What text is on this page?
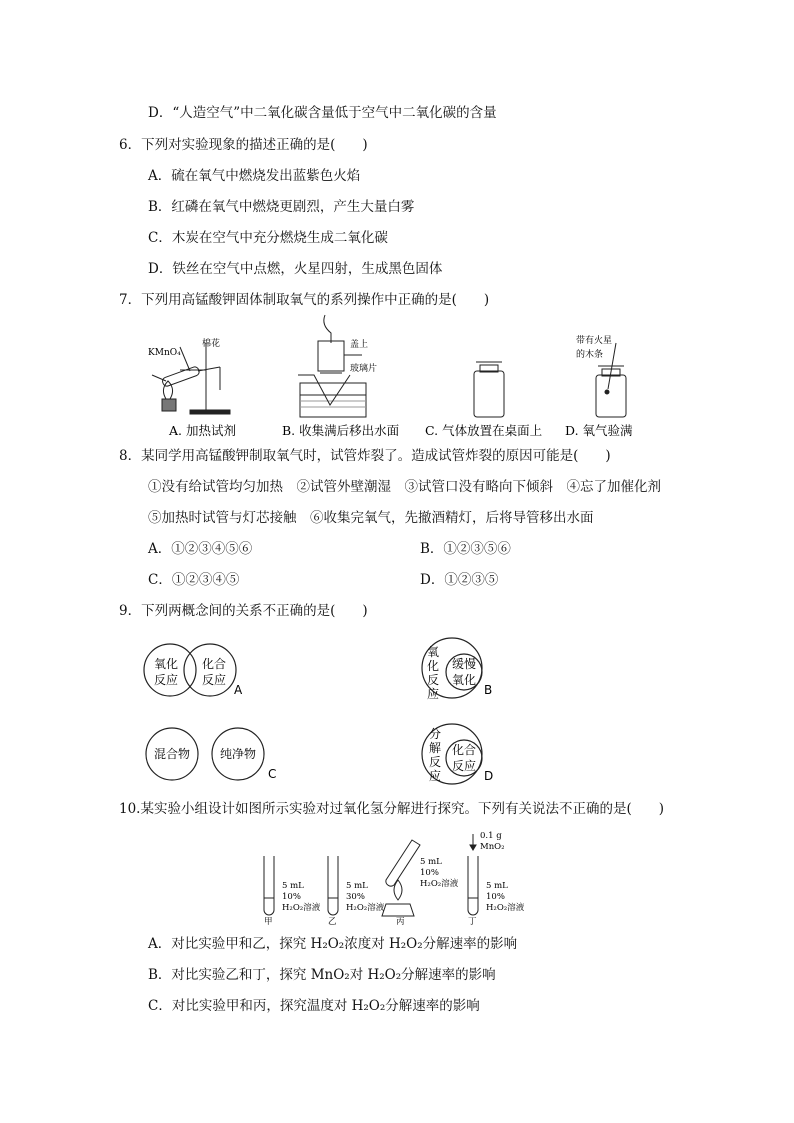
D．“人造空气”中二氧化碳含量低于空气中二氧化碳的含量
6．下列对实验现象的描述正确的是(　　)
A．硫在氧气中燃烧发出蓝紫色火焰
B．红磷在氧气中燃烧更剧烈，产生大量白雾
C．木炭在空气中充分燃烧生成二氧化碳
D．铁丝在空气中点燃，火星四射，生成黑色固体
7．下列用高锰酸钾固体制取氧气的系列操作中正确的是(　　)
KMnO₄
棉花	盖上
玻璃片
带有火星
的木条
A. 加热试剂	B. 收集满后移出水面 C. 气体放置在桌面上 D. 氧气验满
8．某同学用高锰酸钾制取氧气时，试管炸裂了。造成试管炸裂的原因可能是(　　)
①没有给试管均匀加热　②试管外壁潮湿　③试管口没有略向下倾斜　④忘了加催化剂
⑤加热时试管与灯芯接触　⑥收集完氧气，先撤酒精灯，后将导管移出水面
A．①②③④⑤⑥	B．①②③⑤⑥
C．①②③④⑤	D．①②③⑤
9．下列两概念间的关系不正确的是(　　)
氧化
反应
化合
反应
A
氧
化
反
应
缓慢
氧化
B
混合物 纯净物
C
分
解
反
应
化合
反应
D
10.某实验小组设计如图所示实验对过氧化氢分解进行探究。下列有关说法不正确的是(　　)
5 mL
10%
H₂O₂溶液
甲
5 mL
30%
H₂O₂溶液
乙
5 mL
10%
H₂O₂溶液
丙
0.1 g
MnO₂
5 mL
10%
H₂O₂溶液
丁
A．对比实验甲和乙，探究 H₂O₂浓度对 H₂O₂分解速率的影响
B．对比实验乙和丁，探究 MnO₂对 H₂O₂分解速率的影响
C．对比实验甲和丙，探究温度对 H₂O₂分解速率的影响
